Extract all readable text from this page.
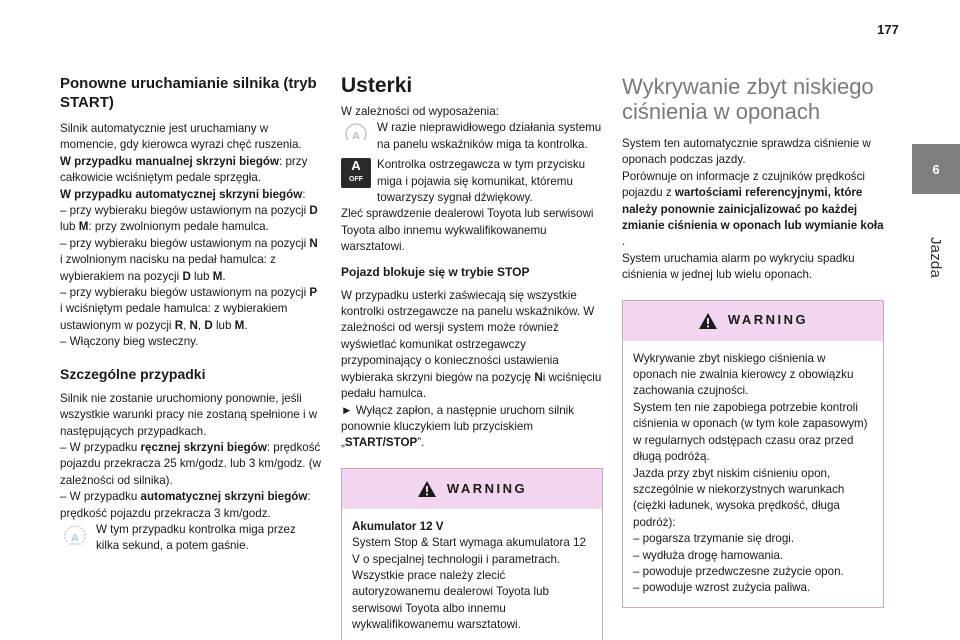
177
6
Jazda
Ponowne uruchamianie silnika (tryb START)

Silnik automatycznie jest uruchamiany w momencie, gdy kierowca wyrazi chęć ruszenia.

W przypadku manualnej skrzyni biegów: przy całkowicie wciśniętym pedale sprzęgła.

W przypadku automatycznej skrzyni biegów:

– przy wybieraku biegów ustawionym na pozycji D lub M: przy zwolnionym pedale hamulca.

– przy wybieraku biegów ustawionym na pozycji N i zwolnionym nacisku na pedał hamulca: z wybierakiem na pozycji D lub M.

– przy wybieraku biegów ustawionym na pozycji P i wciśniętym pedale hamulca: z wybierakiem ustawionym w pozycji R, N, D lub M.

– Włączony bieg wsteczny.

Szczególne przypadki

Silnik nie zostanie uruchomiony ponownie, jeśli wszystkie warunki pracy nie zostaną spełnione i w następujących przypadkach.

– W przypadku ręcznej skrzyni biegów: prędkość pojazdu przekracza 25 km/godz. lub 3 km/godz. (w zależności od silnika).

– W przypadku automatycznej skrzyni biegów: prędkość pojazdu przekracza 3 km/godz.

A
W tym przypadku kontrolka miga przez kilka sekund, a potem gaśnie.
Usterki

W zależności od wyposażenia:

A
W razie nieprawidłowego działania systemu na panelu wskaźników miga ta kontrolka.
A
OFF
Kontrolka ostrzegawcza w tym przycisku miga i pojawia się komunikat, któremu towarzyszy sygnał dźwiękowy.

Zleć sprawdzenie dealerowi Toyota lub serwisowi Toyota albo innemu wykwalifikowanemu warsztatowi.

Pojazd blokuje się w trybie STOP

W przypadku usterki zaświecają się wszystkie kontrolki ostrzegawcze na panelu wskaźników. W zależności od wersji system może również wyświetlać komunikat ostrzegawczy przypominający o konieczności ustawienia wybieraka skrzyni biegów na pozycję Ni wciśnięciu pedału hamulca.

► Wyłącz zapłon, a następnie uruchom silnik ponownie kluczykiem lub przyciskiem „START/STOP”.

WARNING

Akumulator 12 V

System Stop & Start wymaga akumulatora 12 V o specjalnej technologii i parametrach. Wszystkie prace należy zlecić autoryzowanemu dealerowi Toyota lub serwisowi Toyota albo innemu wykwalifikowanemu warsztatowi.

Wykrywanie zbyt niskiego ciśnienia w oponach

System ten automatycznie sprawdza ciśnienie w oponach podczas jazdy.

Porównuje on informacje z czujników prędkości pojazdu z wartościami referencyjnymi, które należy ponownie zainicjalizować po każdej zmianie ciśnienia w oponach lub wymianie koła .

System uruchamia alarm po wykryciu spadku ciśnienia w jednej lub wielu oponach.

WARNING

Wykrywanie zbyt niskiego ciśnienia w oponach nie zwalnia kierowcy z obowiązku zachowania czujności.

System ten nie zapobiega potrzebie kontroli ciśnienia w oponach (w tym kole zapasowym) w regularnych odstępach czasu oraz przed długą podróżą.

Jazda przy zbyt niskim ciśnieniu opon, szczególnie w niekorzystnych warunkach (ciężki ładunek, wysoka prędkość, długa podróż):

– pogarsza trzymanie się drogi.

– wydłuża drogę hamowania.

– powoduje przedwczesne zużycie opon.

– powoduje wzrost zużycia paliwa.
